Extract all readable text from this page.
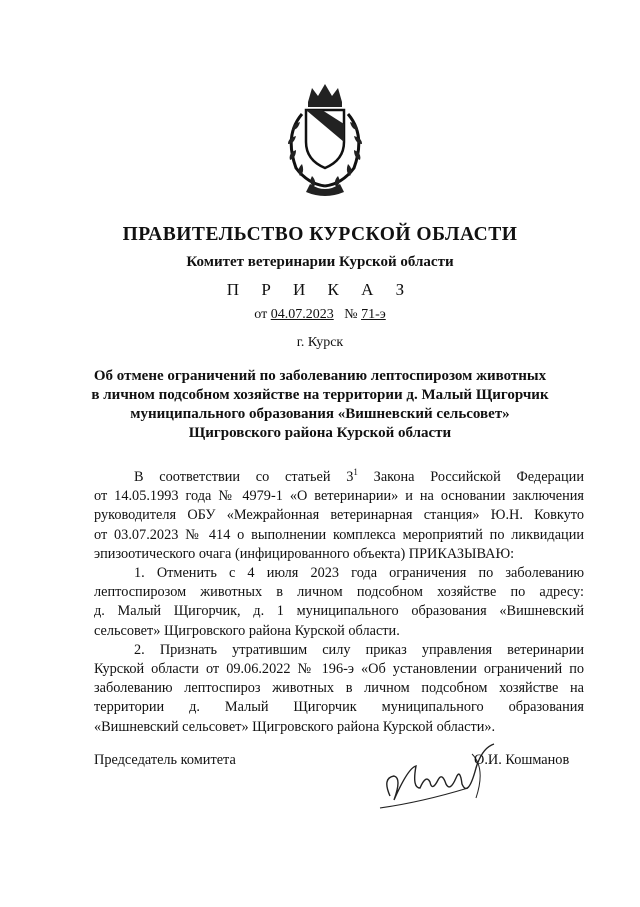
ПРАВИТЕЛЬСТВО КУРСКОЙ ОБЛАСТИ
Комитет ветеринарии Курской области
П Р И К А З
от 04.07.2023 № 71-э
г. Курск
Об отмене ограничений по заболеванию лептоспирозом животных
в личном подсобном хозяйстве на территории д. Малый Щигорчик
муниципального образования «Вишневский сельсовет»
Щигровского района Курской области
В соответствии со статьей $3^1$ Закона Российской Федерации
от 14.05.1993 года № 4979-1 «О ветеринарии» и на основании заключения
руководителя ОБУ «Межрайонная ветеринарная станция» Ю.Н. Ковкуто
от 03.07.2023 № 414 о выполнении комплекса мероприятий по ликвидации
эпизоотического очага (инфицированного объекта) ПРИКАЗЫВАЮ:
1. Отменить с 4 июля 2023 года ограничения по заболеванию
лептоспирозом животных в личном подсобном хозяйстве по адресу:
д. Малый Щигорчик, д. 1 муниципального образования «Вишневский
сельсовет» Щигровского района Курской области.
2. Признать утратившим силу приказ управления ветеринарии
Курской области от 09.06.2022 № 196-э «Об установлении ограничений по
заболеванию лептоспироз животных в личном подсобном хозяйстве на
территории д. Малый Щигорчик муниципального образования
«Вишневский сельсовет» Щигровского района Курской области».
Председатель комитета	О.И. Кошманов
